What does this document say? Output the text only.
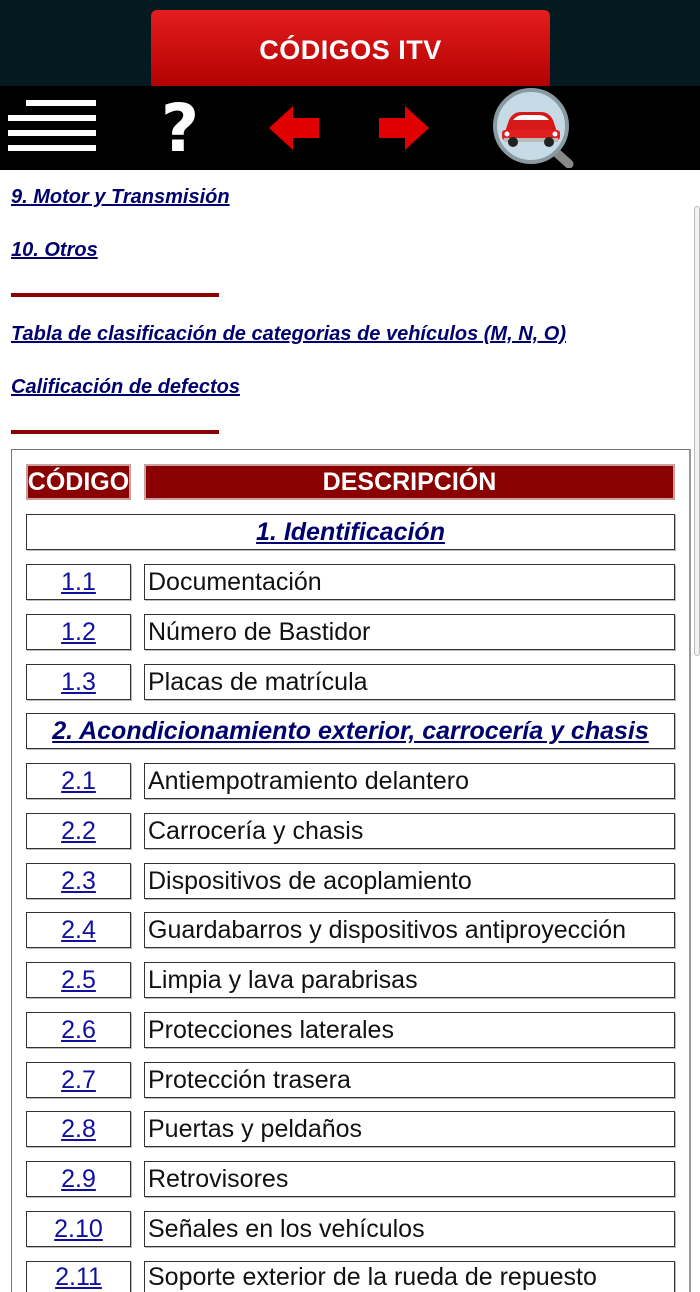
CÓDIGOS ITV
?
9. Motor y Transmisión
10. Otros
Tabla de clasificación de categorias de vehículos (M, N, O)
Calificación de defectos
CÓDIGO	DESCRIPCIÓN
1. Identificación
1.1	Documentación
1.2	Número de Bastidor
1.3	Placas de matrícula
2. Acondicionamiento exterior, carrocería y chasis
2.1	Antiempotramiento delantero
2.2	Carrocería y chasis
2.3	Dispositivos de acoplamiento
2.4	Guardabarros y dispositivos antiproyección
2.5	Limpia y lava parabrisas
2.6	Protecciones laterales
2.7	Protección trasera
2.8	Puertas y peldaños
2.9	Retrovisores
2.10	Señales en los vehículos
2.11	Soporte exterior de la rueda de repuesto
